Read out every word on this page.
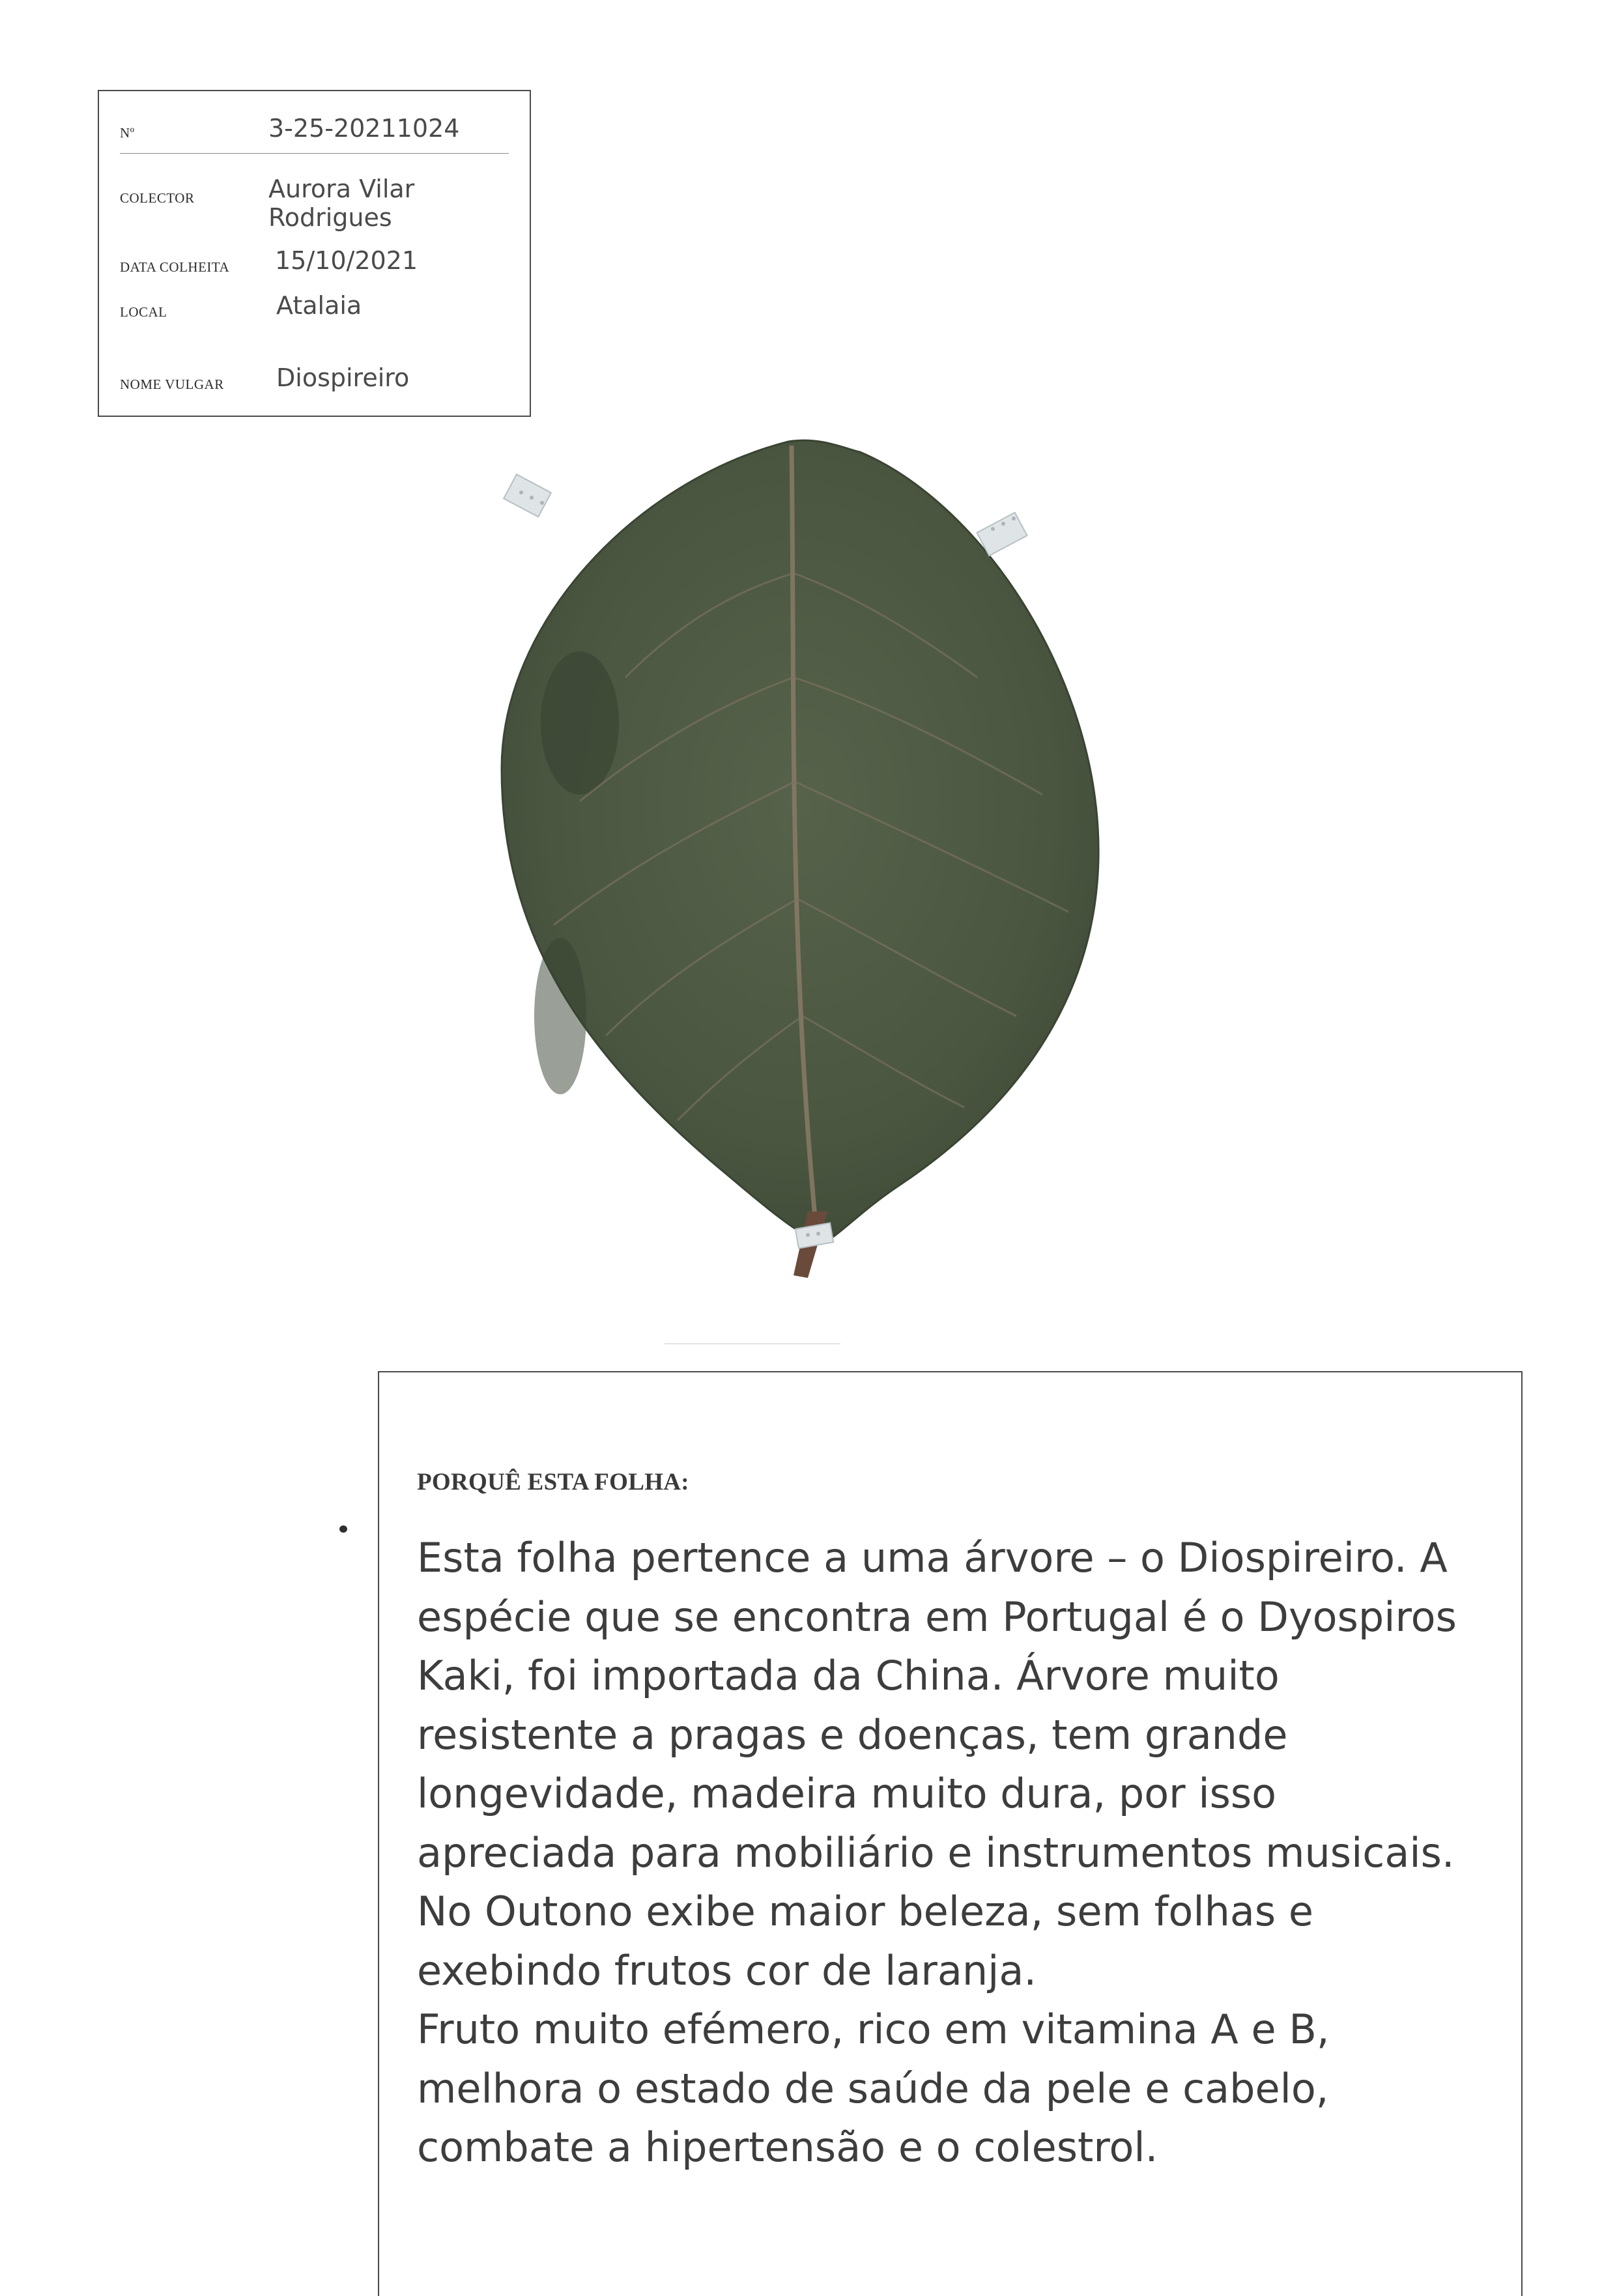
Nº	3-25-20211024
COLECTOR	Aurora Vilar Rodrigues
DATA COLHEITA 15/10/2021
LOCAL	Atalaia
NOME VULGAR Diospireiro
PORQUÊ ESTA FOLHA:

Esta folha pertence a uma árvore – o Diospireiro. A espécie que se encontra em Portugal é o Dyospiros Kaki, foi importada da China. Árvore muito resistente a pragas e doenças, tem grande longevidade, madeira muito dura, por isso apreciada para mobiliário e instrumentos musicais.

No Outono exibe maior beleza, sem folhas e exebindo frutos cor de laranja.

Fruto muito efémero, rico em vitamina A e B, melhora o estado de saúde da pele e cabelo, combate a hipertensão e o colestrol.
